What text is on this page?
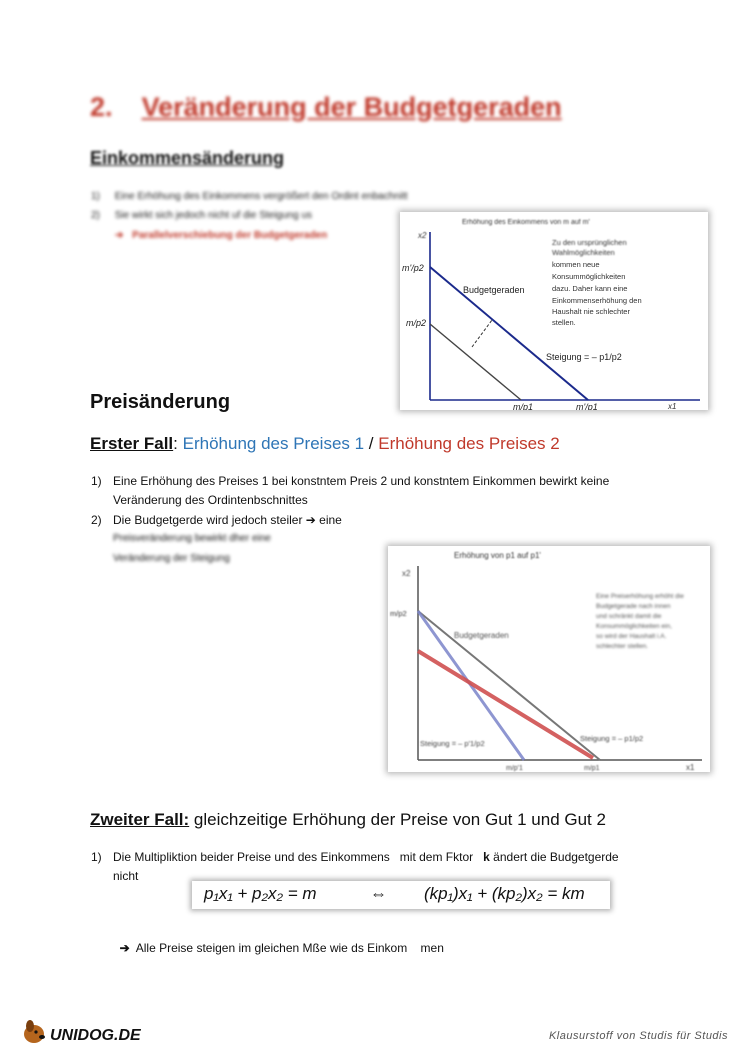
2. Veränderung der Budgetgeraden
Einkommensänderung
1) Eine Erhöhung des Einkommens vergrößert den Ordint enbachnitt
2) Sie wirkt sich jedoch nicht uf die Steigung us
➔ Parallelverschiebung der Budgetgeraden
Erhöhung des Einkommens von m auf m'
x2
x1
m'/p2
m/p2
m/p1	m'/p1
Budgetgeraden
Steigung = – p1/p2
Zu den ursprünglichen
Wahlmöglichkeiten
kommen neue
Konsummöglichkeiten
dazu. Daher kann eine
Einkommenserhöhung den
Haushalt nie schlechter
stellen.
Preisänderung
Erster Fall: Erhöhung des Preises 1 / Erhöhung des Preises 2
1) Eine Erhöhung des Preises 1 bei konstntem Preis 2 und konstntem Einkommen bewirkt keine
Veränderung des Ordintenbschnittes
2) Die Budgetgerde wird jedoch steiler ➔ eine
Preisveränderung bewirkt dher eine
Veränderung der Steigung	Erhöhung von p1 auf p1'
x2
x1
m/p2
Budgetgeraden
Steigung = – p'1/p2
Steigung = – p1/p2
m/p'1	m/p1
Eine Preiserhöhung erhöht die
Budgetgerade nach innen
und schränkt damit die
Konsummöglichkeiten ein,
so wird der Haushalt i.A.
schlechter stellen.
Zweiter Fall: gleichzeitige Erhöhung der Preise von Gut 1 und Gut 2
1) Die Multipliktion beider Preise und des Einkommens   mit dem Fktor   k ändert die Budgetgerde
nicht
p₁x₁ + p₂x₂ = m	⇔ (kp₁)x₁ + (kp₂)x₂ = km

➔ Alle Preise steigen im gleichen Mße wie ds Einkom    men

UNIDOG.DE	Klausurstoff von Studis für Studis
